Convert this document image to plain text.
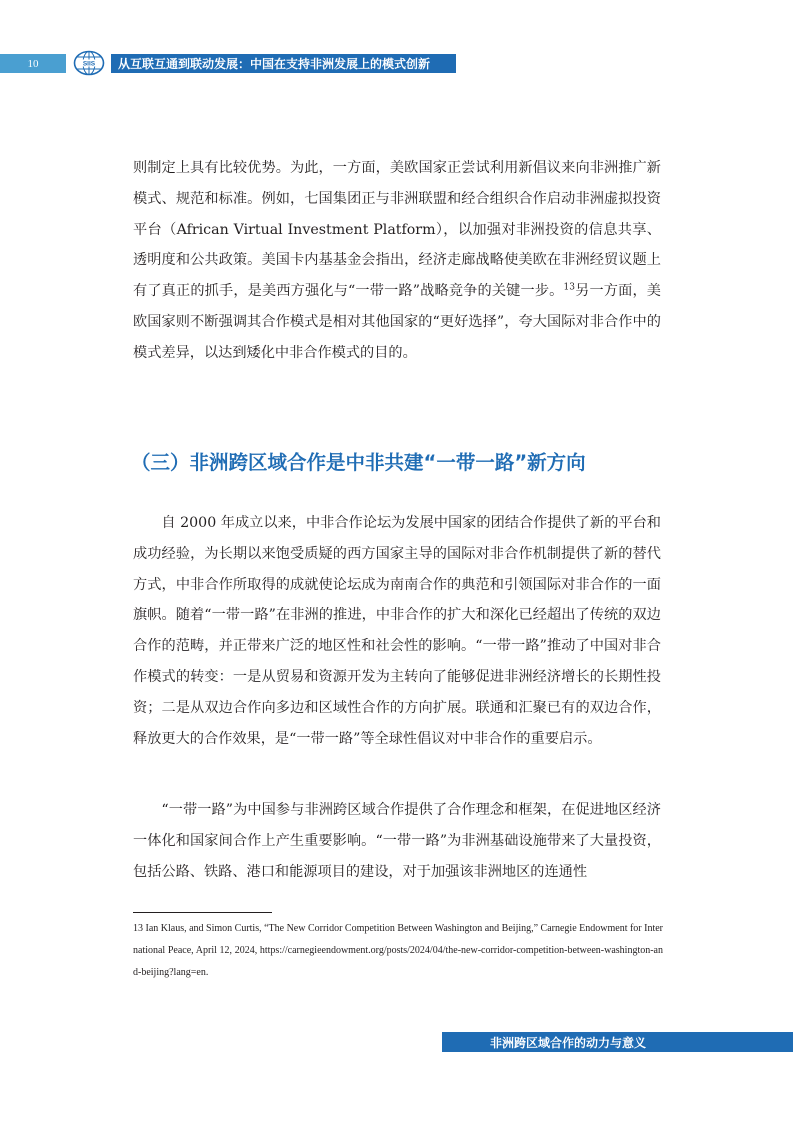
10	SIIS	从互联互通到联动发展：中国在支持非洲发展上的模式创新

则制定上具有比较优势。为此，一方面，美欧国家正尝试利用新倡议来向非洲推广新模式、规范和标准。例如，七国集团正与非洲联盟和经合组织合作启动非洲虚拟投资平台（African Virtual Investment Platform），以加强对非洲投资的信息共享、透明度和公共政策。美国卡内基基金会指出，经济走廊战略使美欧在非洲经贸议题上有了真正的抓手，是美西方强化与“一带一路”战略竞争的关键一步。$^{13}$另一方面，美欧国家则不断强调其合作模式是相对其他国家的“更好选择”，夸大国际对非合作中的模式差异，以达到矮化中非合作模式的目的。

（三）非洲跨区域合作是中非共建“一带一路”新方向

自 2000 年成立以来，中非合作论坛为发展中国家的团结合作提供了新的平台和成功经验，为长期以来饱受质疑的西方国家主导的国际对非合作机制提供了新的替代方式，中非合作所取得的成就使论坛成为南南合作的典范和引领国际对非合作的一面旗帜。随着“一带一路”在非洲的推进，中非合作的扩大和深化已经超出了传统的双边合作的范畴，并正带来广泛的地区性和社会性的影响。“一带一路”推动了中国对非合作模式的转变：一是从贸易和资源开发为主转向了能够促进非洲经济增长的长期性投资；二是从双边合作向多边和区域性合作的方向扩展。联通和汇聚已有的双边合作，释放更大的合作效果，是“一带一路”等全球性倡议对中非合作的重要启示。

“一带一路”为中国参与非洲跨区域合作提供了合作理念和框架，在促进地区经济一体化和国家间合作上产生重要影响。“一带一路”为非洲基础设施带来了大量投资，包括公路、铁路、港口和能源项目的建设，对于加强该非洲地区的连通性

13 Ian Klaus, and Simon Curtis, “The New Corridor Competition Between Washington and Beijing,” Carnegie Endowment for International Peace, April 12, 2024, https://carnegieendowment.org/posts/2024/04/the-new-corridor-competition-between-washington-and-beijing?lang=en.

非洲跨区域合作的动力与意义
